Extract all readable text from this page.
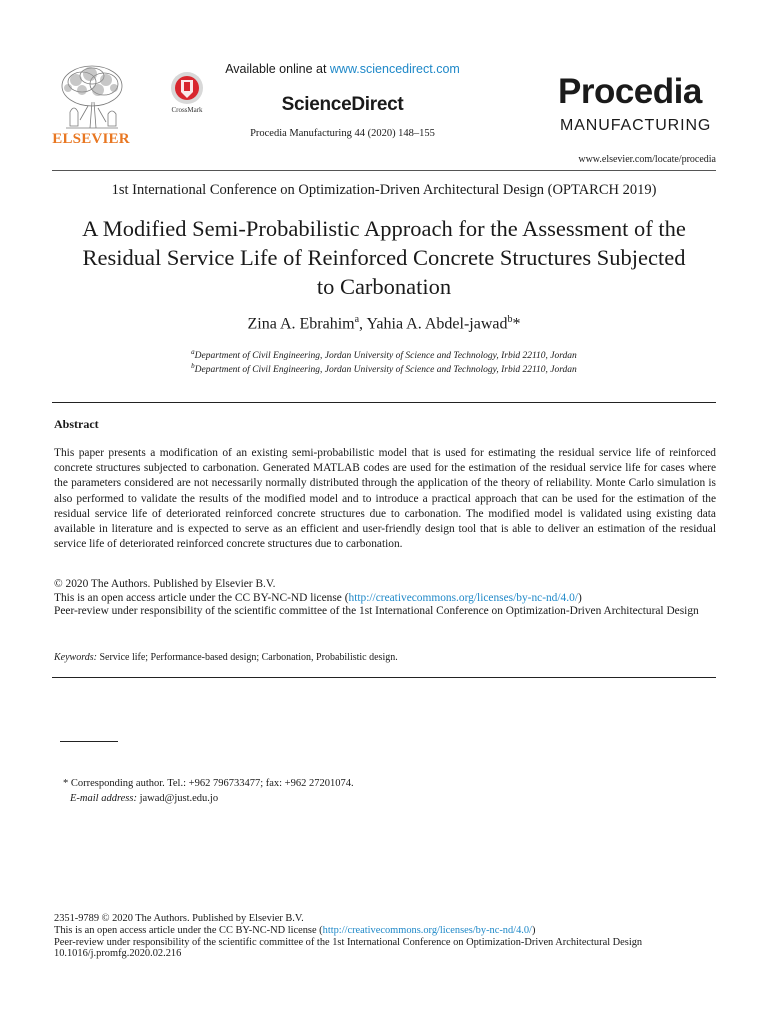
ELSEVIER
CrossMark
Available online at www.sciencedirect.com
ScienceDirect
Procedia Manufacturing 44 (2020) 148–155
Procedia
MANUFACTURING
www.elsevier.com/locate/procedia
1st International Conference on Optimization-Driven Architectural Design (OPTARCH 2019)
A Modified Semi-Probabilistic Approach for the Assessment of the
Residual Service Life of Reinforced Concrete Structures Subjected
to Carbonation
Zina A. Ebrahim$^a$, Yahia A. Abdel-jawad$^b$*
$^a$Department of Civil Engineering, Jordan University of Science and Technology, Irbid 22110, Jordan
$^b$Department of Civil Engineering, Jordan University of Science and Technology, Irbid 22110, Jordan
Abstract
This paper presents a modification of an existing semi-probabilistic model that is used for estimating the residual service life of reinforced concrete structures subjected to carbonation. Generated MATLAB codes are used for the estimation of the residual service life for cases where the parameters considered are not necessarily normally distributed through the application of the theory of reliability. Monte Carlo simulation is also performed to validate the results of the modified model and to introduce a practical approach that can be used for the estimation of the residual service life of deteriorated reinforced concrete structures due to carbonation. The modified model is validated using existing data available in literature and is expected to serve as an efficient and user-friendly design tool that is able to deliver an estimation of the residual service life of deteriorated reinforced concrete structures due to carbonation.
© 2020 The Authors. Published by Elsevier B.V.
This is an open access article under the CC BY-NC-ND license (http://creativecommons.org/licenses/by-nc-nd/4.0/)
Peer-review under responsibility of the scientific committee of the 1st International Conference on Optimization-Driven Architectural Design
Keywords: Service life; Performance-based design; Carbonation, Probabilistic design.
* Corresponding author. Tel.: +962 796733477; fax: +962 27201074.
E-mail address: jawad@just.edu.jo
2351-9789 © 2020 The Authors. Published by Elsevier B.V.
This is an open access article under the CC BY-NC-ND license (http://creativecommons.org/licenses/by-nc-nd/4.0/)
Peer-review under responsibility of the scientific committee of the 1st International Conference on Optimization-Driven Architectural Design
10.1016/j.promfg.2020.02.216
